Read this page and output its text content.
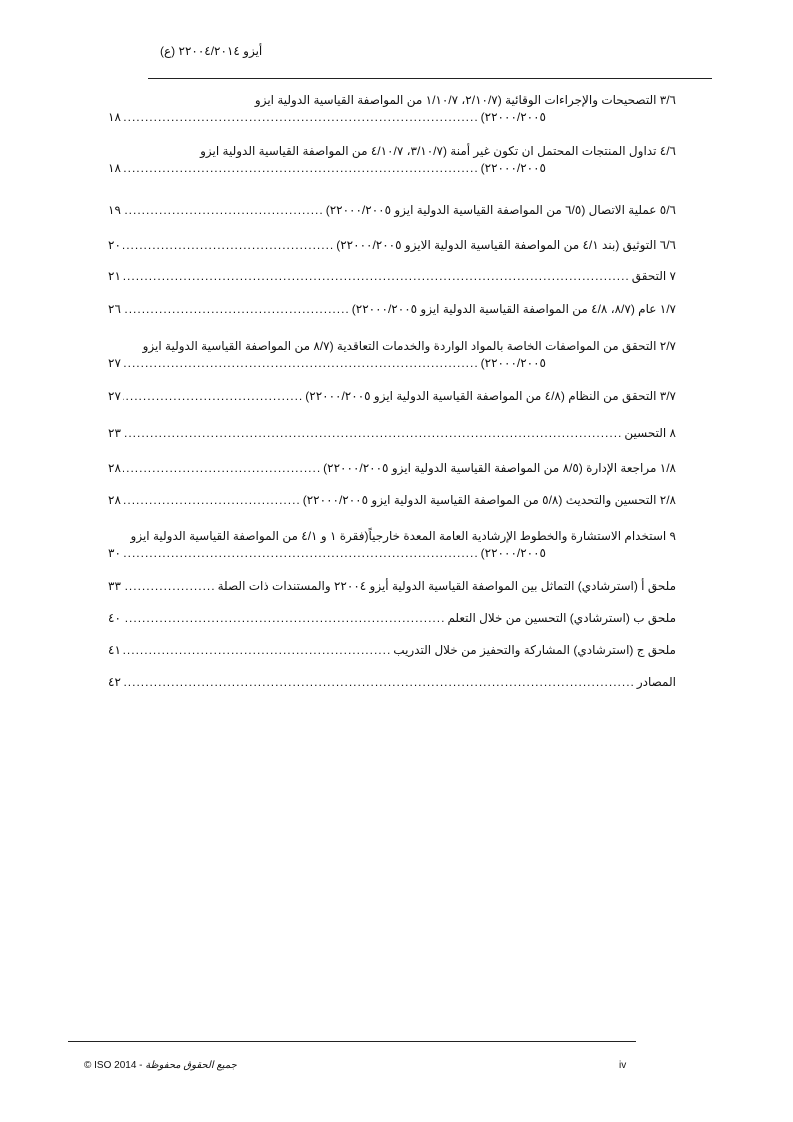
أيزو ٢٢٠٠٤/٢٠١٤ (ع)
٣/٦ التصحيحات والإجراءات الوقائية (٢/١٠/٧، ١/١٠/٧ من المواصفة القياسية الدولية ايزو
٢٢٠٠٠/٢٠٠٥)
.....
١٨
٤/٦ تداول المنتجات المحتمل ان تكون غير أمنة (٣/١٠/٧، ٤/١٠/٧ من المواصفة القياسية الدولية ايزو
٢٢٠٠٠/٢٠٠٥)
.....
١٨
٥/٦ عملية الاتصال (٦/٥ من المواصفة القياسية الدولية ايزو ٢٢٠٠٠/٢٠٠٥)
.....
١٩
٦/٦ التوثيق (بند ٤/١ من المواصفة القياسية الدولية الايزو ٢٢٠٠٠/٢٠٠٥)
.....
٢٠
٧ التحقق
.....
٢١
١/٧ عام (٨/٧، ٤/٨ من المواصفة القياسية الدولية ايزو ٢٢٠٠٠/٢٠٠٥)
.....
٢٦
٢/٧ التحقق من المواصفات الخاصة بالمواد الواردة والخدمات التعاقدية (٨/٧ من المواصفة القياسية الدولية ايزو
٢٢٠٠٠/٢٠٠٥)
.....
٢٧
٣/٧ التحقق من النظام (٤/٨ من المواصفة القياسية الدولية ايزو ٢٢٠٠٠/٢٠٠٥)
.....
٢٧
٨ التحسين
.....
٢٣
١/٨ مراجعة الإدارة (٨/٥ من المواصفة القياسية الدولية ايزو ٢٢٠٠٠/٢٠٠٥)
.....
٢٨
٢/٨ التحسين والتحديث (٥/٨ من المواصفة القياسية الدولية ايزو ٢٢٠٠٠/٢٠٠٥)
.....
٢٨
٩ استخدام الاستشارة والخطوط الإرشادية العامة المعدة خارجياً(فقرة ١ و ٤/١ من المواصفة القياسية الدولية ايزو
٢٢٠٠٠/٢٠٠٥)
.....
٣٠
ملحق أ (استرشادي) التماثل بين المواصفة القياسية الدولية أيزو ٢٢٠٠٤ والمستندات ذات الصلة
.....
٣٣
ملحق ب (استرشادي) التحسين من خلال التعلم
.....
٤٠
ملحق ج (استرشادي) المشاركة والتحفيز من خلال التدريب
.....
٤١
المصادر
.....
٤٢
© ISO 2014 - جميع الحقوق محفوظة	iv
